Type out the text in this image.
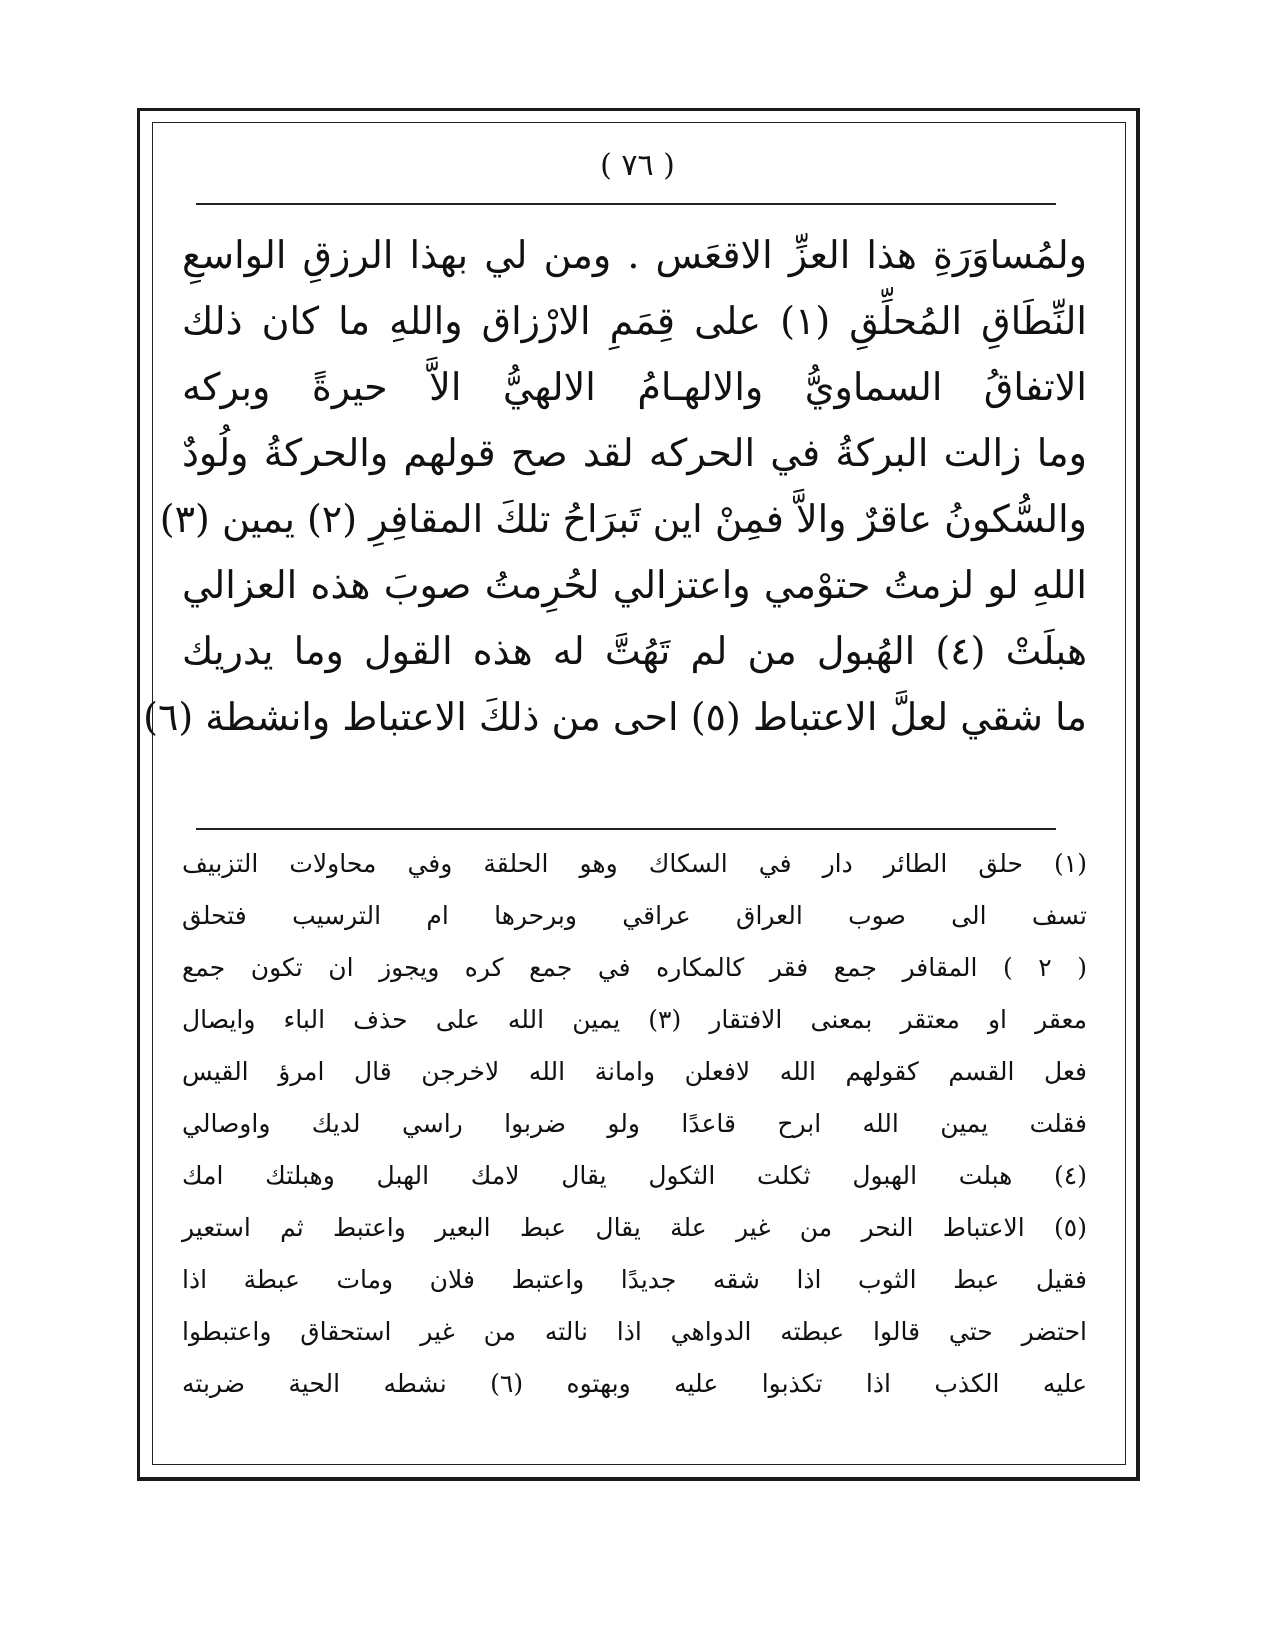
( ٧٦ )
ولمُساوَرَةِ هذا العزِّ الاقعَس . ومن لي بهذا الرزقِ الواسعِ
النِّطَاقِ المُحلِّقِ (١) على قِمَمِ الارْزاق واللهِ ما كان ذلك
الاتفاقُ السماويُّ والالهـامُ الالهيُّ الاَّ حيرةً وبركه
وما زالت البركةُ في الحركه لقد صح قولهم والحركةُ ولُودٌ
والسُّكونُ عاقرٌ والاَّ فمِنْ اين تَبرَاحُ تلكَ المقافِرِ (٢) يمين (٣)
اللهِ لو لزمتُ حتوْمي واعتزالي لحُرِمتُ صوبَ هذه العزالي
هبلَتْ (٤) الهُبول من لم تَهُتَّ له هذه القول وما يدريك
ما شقي لعلَّ الاعتباط (٥) احى من ذلكَ الاعتباط وانشطة (٦)
(١) حلق الطائر دار في السكاك وهو الحلقة وفي محاولات التزبيف
تسف الى صوب العراق عراقي وبرحرها ام الترسيب فتحلق
( ٢ ) المقافر جمع فقر كالمكاره في جمع كره ويجوز ان تكون جمع
معقر او معتقر بمعنى الافتقار (٣) يمين الله على حذف الباء وايصال
فعل القسم كقولهم الله لافعلن وامانة الله لاخرجن قال امرؤ القيس
فقلت يمين الله ابرح قاعدًا ولو ضربوا راسي لديك واوصالي
(٤) هبلت الهبول ثكلت الثكول يقال لامك الهبل وهبلتك امك
(٥) الاعتباط النحر من غير علة يقال عبط البعير واعتبط ثم استعير
فقيل عبط الثوب اذا شقه جديدًا واعتبط فلان ومات عبطة اذا
احتضر حتي قالوا عبطته الدواهي اذا نالته من غير استحقاق واعتبطوا
عليه الكذب اذا تكذبوا عليه وبهتوه (٦) نشطه الحية ضربته
